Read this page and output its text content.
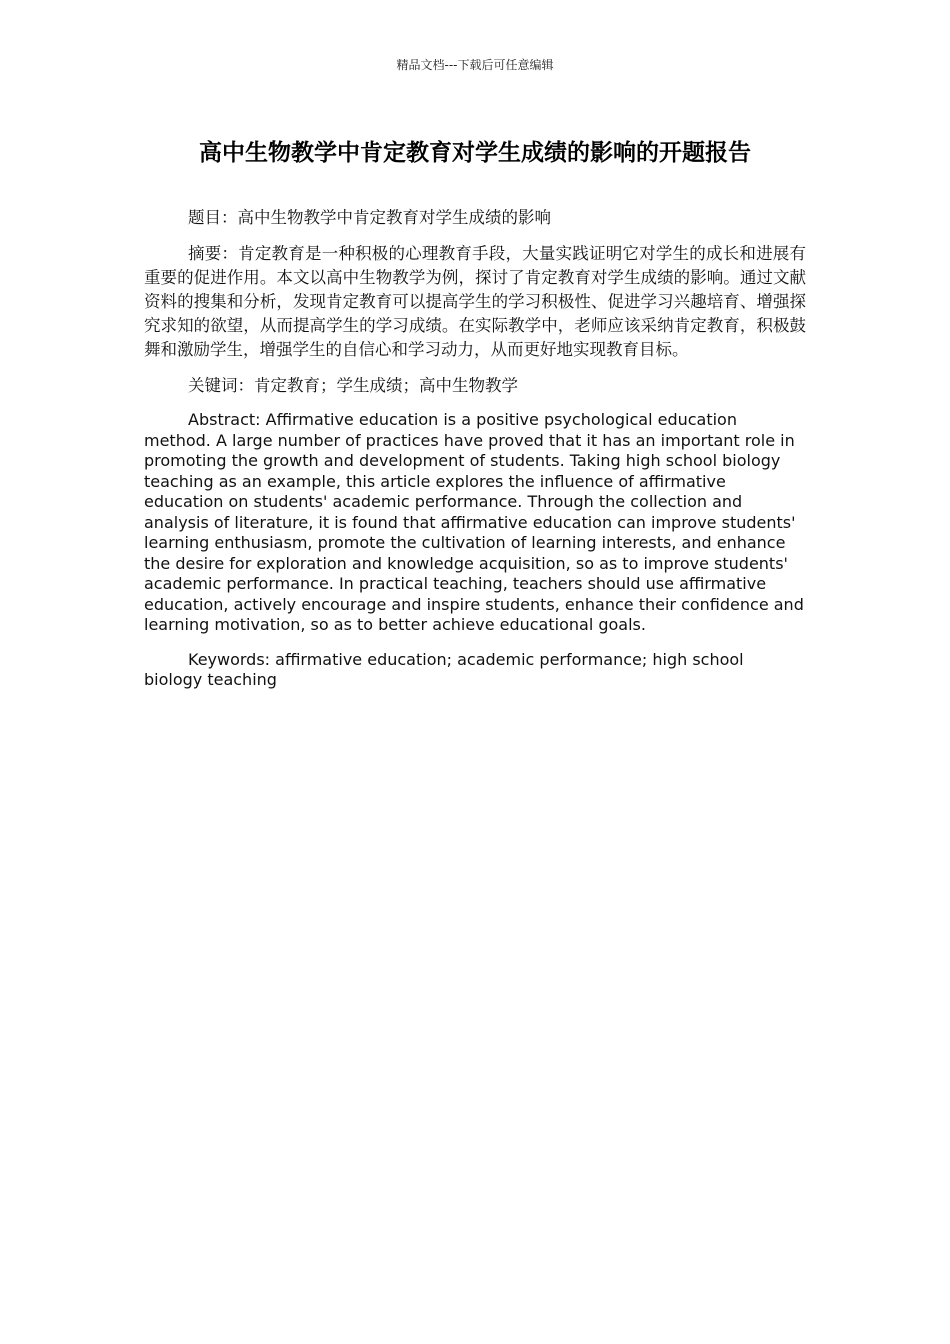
精品文档---下载后可任意编辑
高中生物教学中肯定教育对学生成绩的影响的开题报告

题目：高中生物教学中肯定教育对学生成绩的影响

摘要：肯定教育是一种积极的心理教育手段，大量实践证明它对学生的成长和进展有重要的促进作用。本文以高中生物教学为例，探讨了肯定教育对学生成绩的影响。通过文献资料的搜集和分析，发现肯定教育可以提高学生的学习积极性、促进学习兴趣培育、增强探究求知的欲望，从而提高学生的学习成绩。在实际教学中，老师应该采纳肯定教育，积极鼓舞和激励学生，增强学生的自信心和学习动力，从而更好地实现教育目标。

关键词：肯定教育；学生成绩；高中生物教学

Abstract: Affirmative education is a positive psychological education method. A large number of practices have proved that it has an important role in promoting the growth and development of students. Taking high school biology teaching as an example, this article explores the influence of affirmative education on students' academic performance. Through the collection and analysis of literature, it is found that affirmative education can improve students' learning enthusiasm, promote the cultivation of learning interests, and enhance the desire for exploration and knowledge acquisition, so as to improve students' academic performance. In practical teaching, teachers should use affirmative education, actively encourage and inspire students, enhance their confidence and learning motivation, so as to better achieve educational goals.

Keywords: affirmative education; academic performance; high school biology teaching
